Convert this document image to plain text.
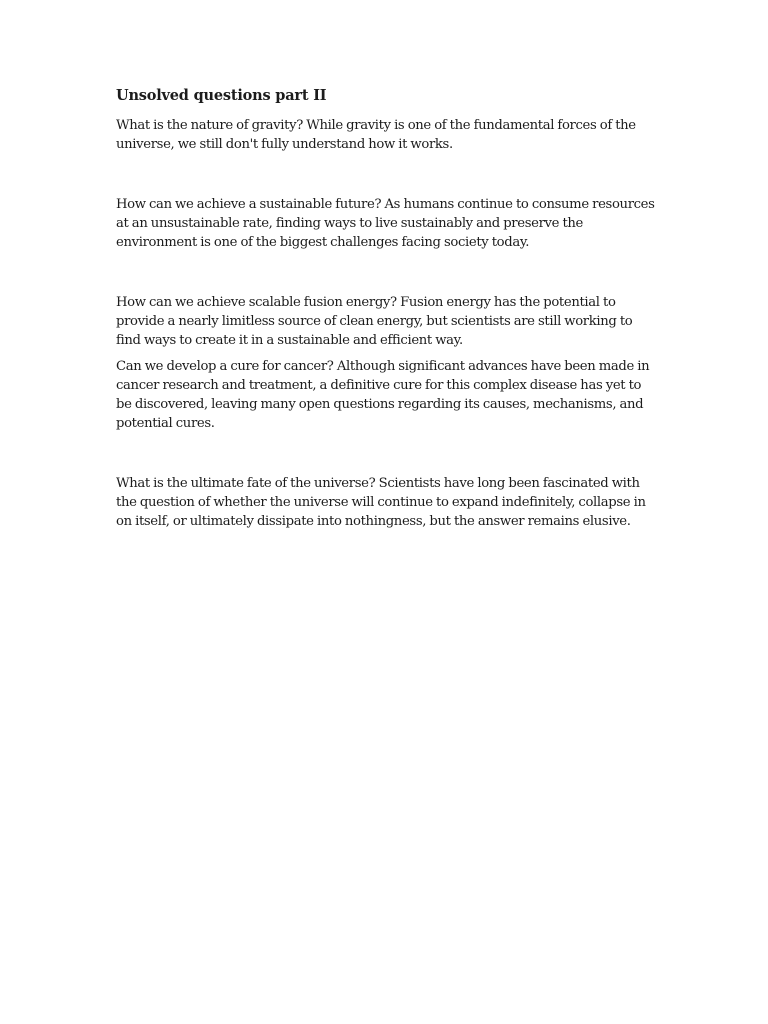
Unsolved questions part II

What is the nature of gravity? While gravity is one of the fundamental forces of the universe, we still don't fully understand how it works.

How can we achieve a sustainable future? As humans continue to consume resources at an unsustainable rate, finding ways to live sustainably and preserve the environment is one of the biggest challenges facing society today.

How can we achieve scalable fusion energy? Fusion energy has the potential to provide a nearly limitless source of clean energy, but scientists are still working to find ways to create it in a sustainable and efficient way.

Can we develop a cure for cancer? Although significant advances have been made in cancer research and treatment, a definitive cure for this complex disease has yet to be discovered, leaving many open questions regarding its causes, mechanisms, and potential cures.

What is the ultimate fate of the universe? Scientists have long been fascinated with the question of whether the universe will continue to expand indefinitely, collapse in on itself, or ultimately dissipate into nothingness, but the answer remains elusive.
